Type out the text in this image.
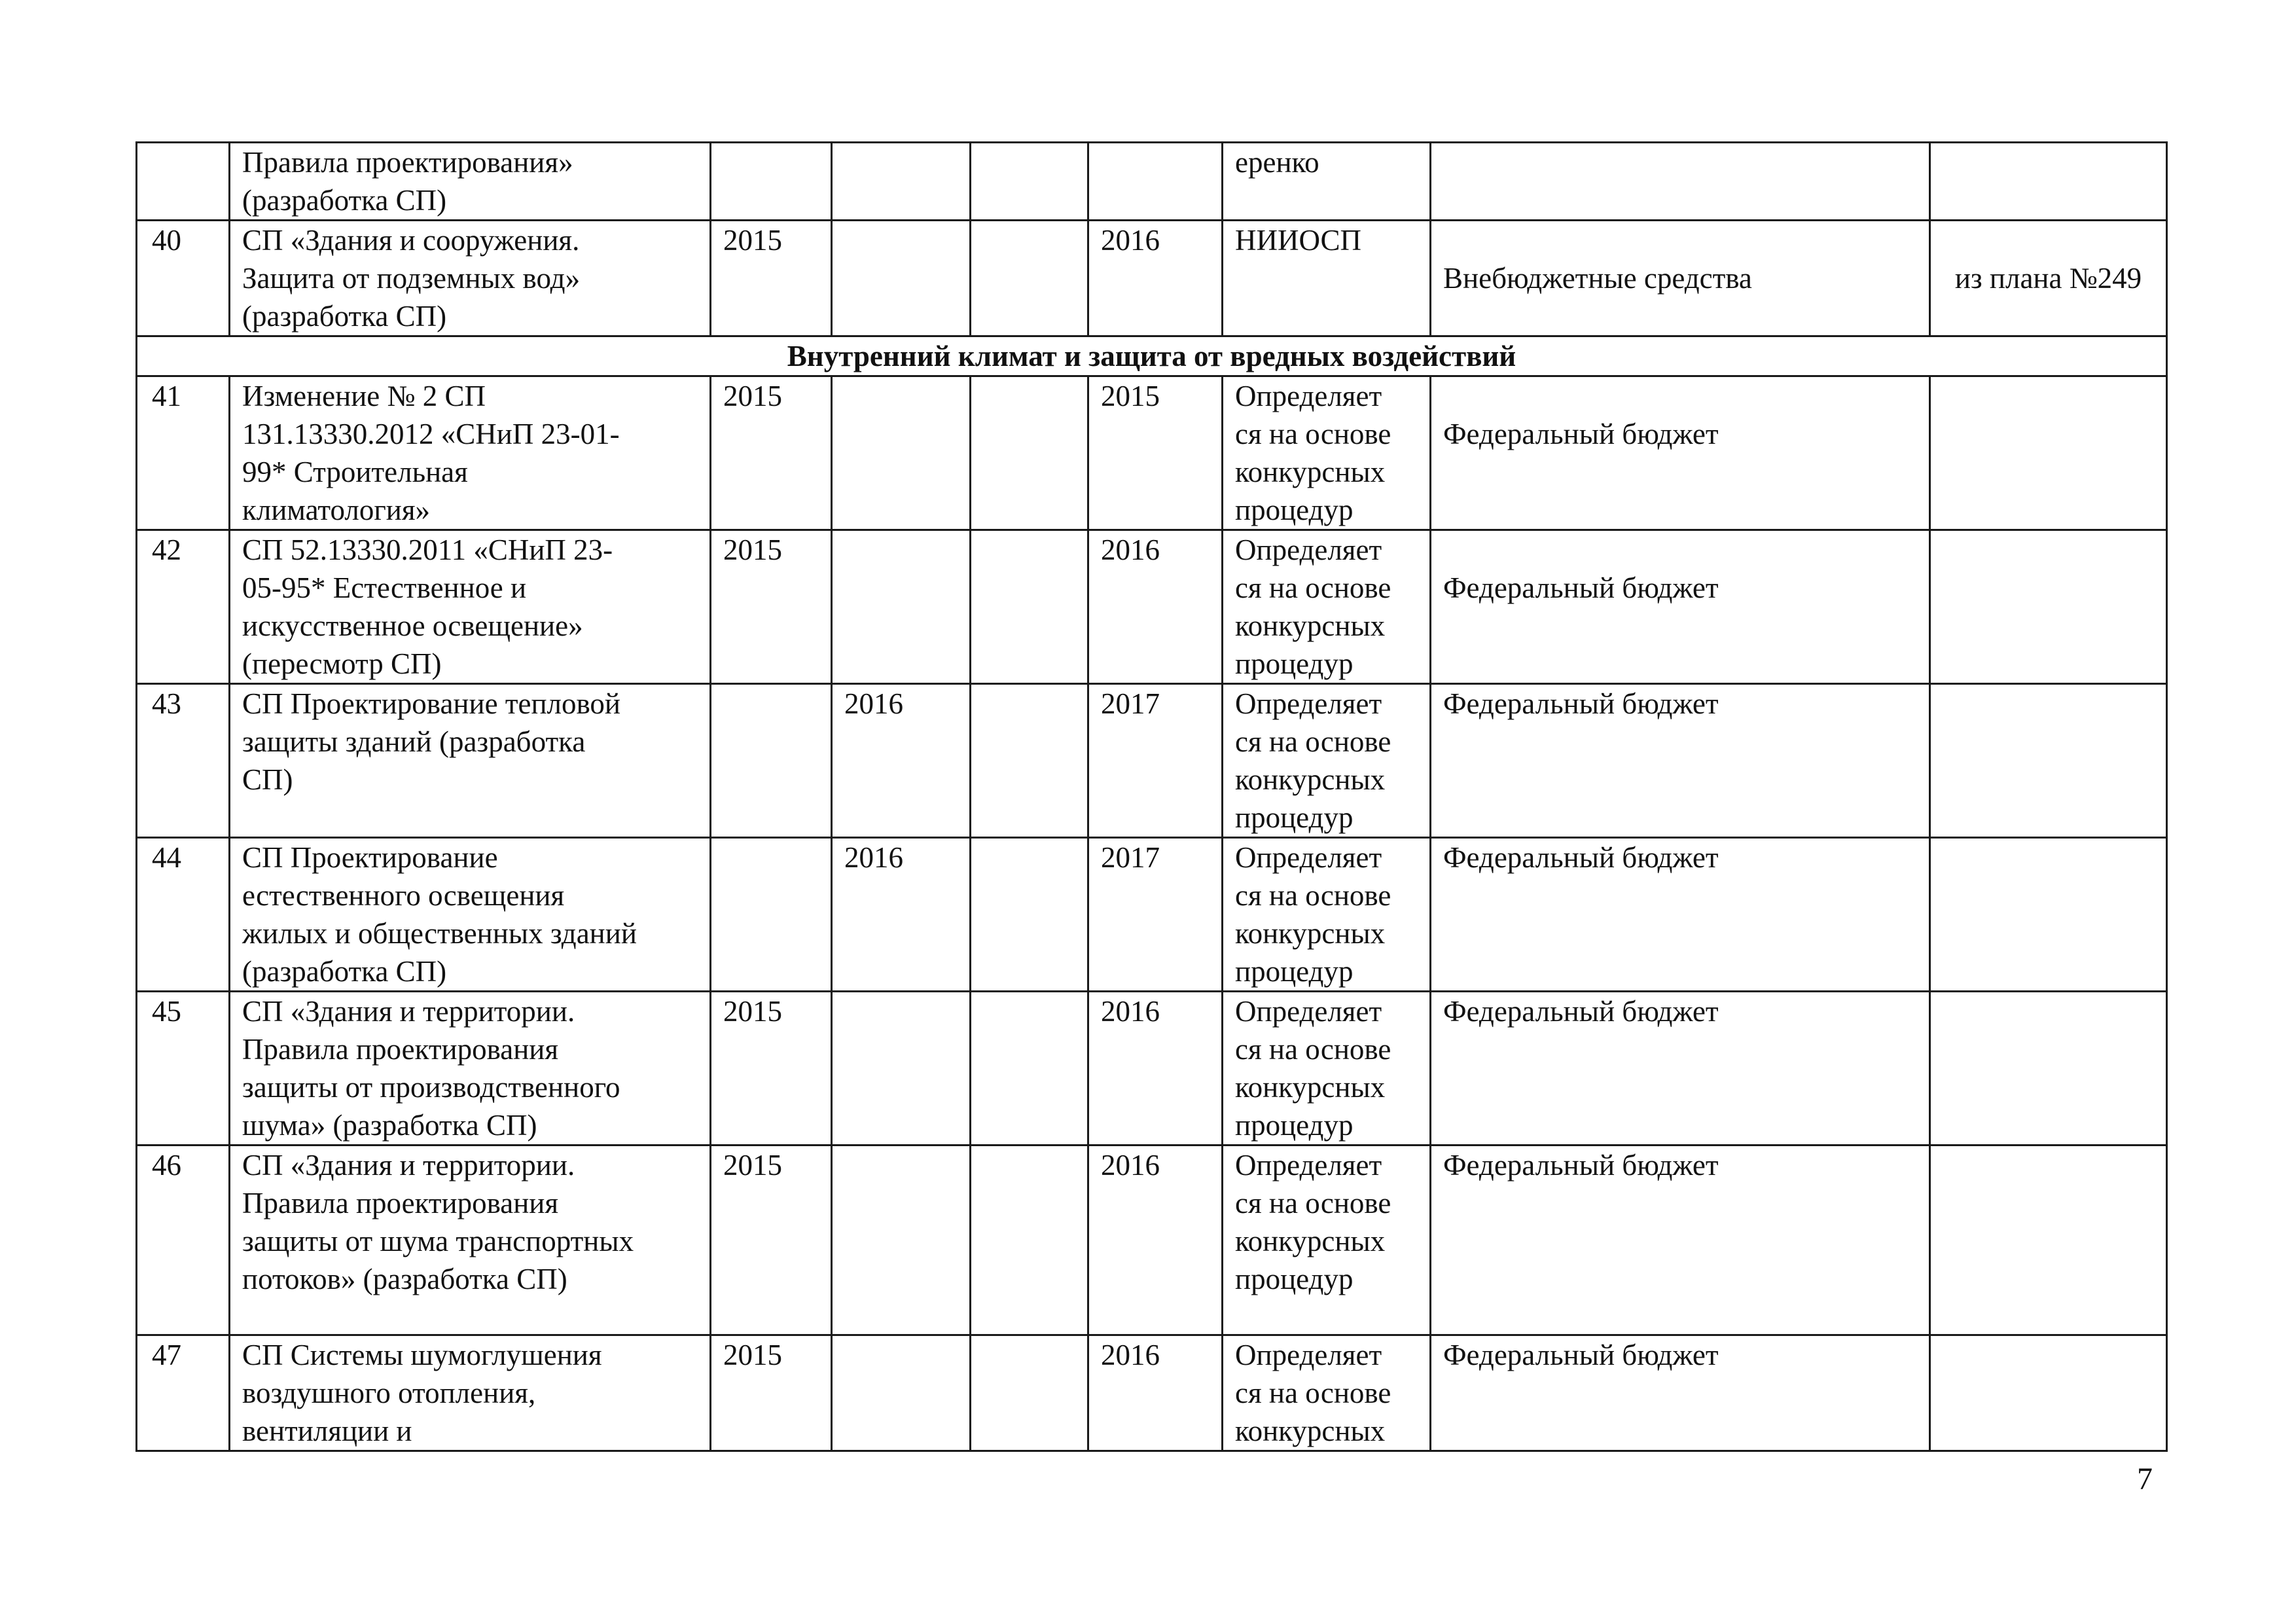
	Правила проектирования»
(разработка СП)					еренко		

40	СП «Здания и сооружения.
Защита от подземных вод»
(разработка СП)	2015			2016	НИИОСП	Внебюджетные средства	из плана №249
Внутренний климат и защита от вредных воздействий								
41	Изменение № 2 СП
131.13330.2012 «СНиП 23-01-
99* Строительная
климатология»	2015			2015	Определяет
ся на основе
конкурсных
процедур	Федеральный бюджет	
42	СП 52.13330.2011 «СНиП 23-
05-95* Естественное и
искусственное освещение»
(пересмотр СП)	2015			2016	Определяет
ся на основе
конкурсных
процедур	Федеральный бюджет	
43	СП Проектирование тепловой
защиты зданий (разработка
СП)		2016		2017	Определяет
ся на основе
конкурсных
процедур	Федеральный бюджет	
44	СП Проектирование
естественного освещения
жилых и общественных зданий
(разработка СП)		2016		2017	Определяет
ся на основе
конкурсных
процедур	Федеральный бюджет	
45	СП «Здания и территории.
Правила проектирования
защиты от производственного
шума» (разработка СП)	2015			2016	Определяет
ся на основе
конкурсных
процедур	Федеральный бюджет	
46	СП «Здания и территории.
Правила проектирования
защиты от шума транспортных
потоков» (разработка СП)	2015			2016	Определяет
ся на основе
конкурсных
процедур	Федеральный бюджет	
47	СП Системы шумоглушения
воздушного отопления,
вентиляции и	2015			2016	Определяет
ся на основе
конкурсных	Федеральный бюджет	
7
